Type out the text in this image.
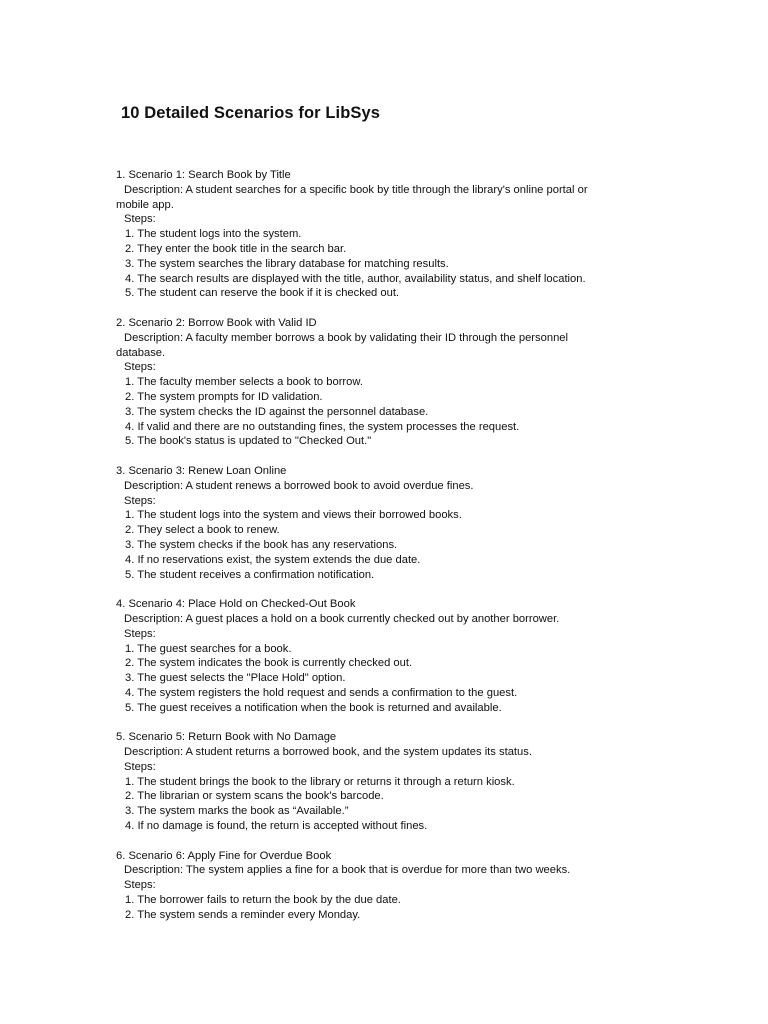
10 Detailed Scenarios for LibSys
1. Scenario 1: Search Book by Title
Description: A student searches for a specific book by title through the library's online portal or
mobile app.
Steps:
1. The student logs into the system.
2. They enter the book title in the search bar.
3. The system searches the library database for matching results.
4. The search results are displayed with the title, author, availability status, and shelf location.
5. The student can reserve the book if it is checked out.
2. Scenario 2: Borrow Book with Valid ID
Description: A faculty member borrows a book by validating their ID through the personnel
database.
Steps:
1. The faculty member selects a book to borrow.
2. The system prompts for ID validation.
3. The system checks the ID against the personnel database.
4. If valid and there are no outstanding fines, the system processes the request.
5. The book's status is updated to "Checked Out."
3. Scenario 3: Renew Loan Online
Description: A student renews a borrowed book to avoid overdue fines.
Steps:
1. The student logs into the system and views their borrowed books.
2. They select a book to renew.
3. The system checks if the book has any reservations.
4. If no reservations exist, the system extends the due date.
5. The student receives a confirmation notification.
4. Scenario 4: Place Hold on Checked-Out Book
Description: A guest places a hold on a book currently checked out by another borrower.
Steps:
1. The guest searches for a book.
2. The system indicates the book is currently checked out.
3. The guest selects the "Place Hold" option.
4. The system registers the hold request and sends a confirmation to the guest.
5. The guest receives a notification when the book is returned and available.
5. Scenario 5: Return Book with No Damage
Description: A student returns a borrowed book, and the system updates its status.
Steps:
1. The student brings the book to the library or returns it through a return kiosk.
2. The librarian or system scans the book's barcode.
3. The system marks the book as “Available.”
4. If no damage is found, the return is accepted without fines.
6. Scenario 6: Apply Fine for Overdue Book
Description: The system applies a fine for a book that is overdue for more than two weeks.
Steps:
1. The borrower fails to return the book by the due date.
2. The system sends a reminder every Monday.
